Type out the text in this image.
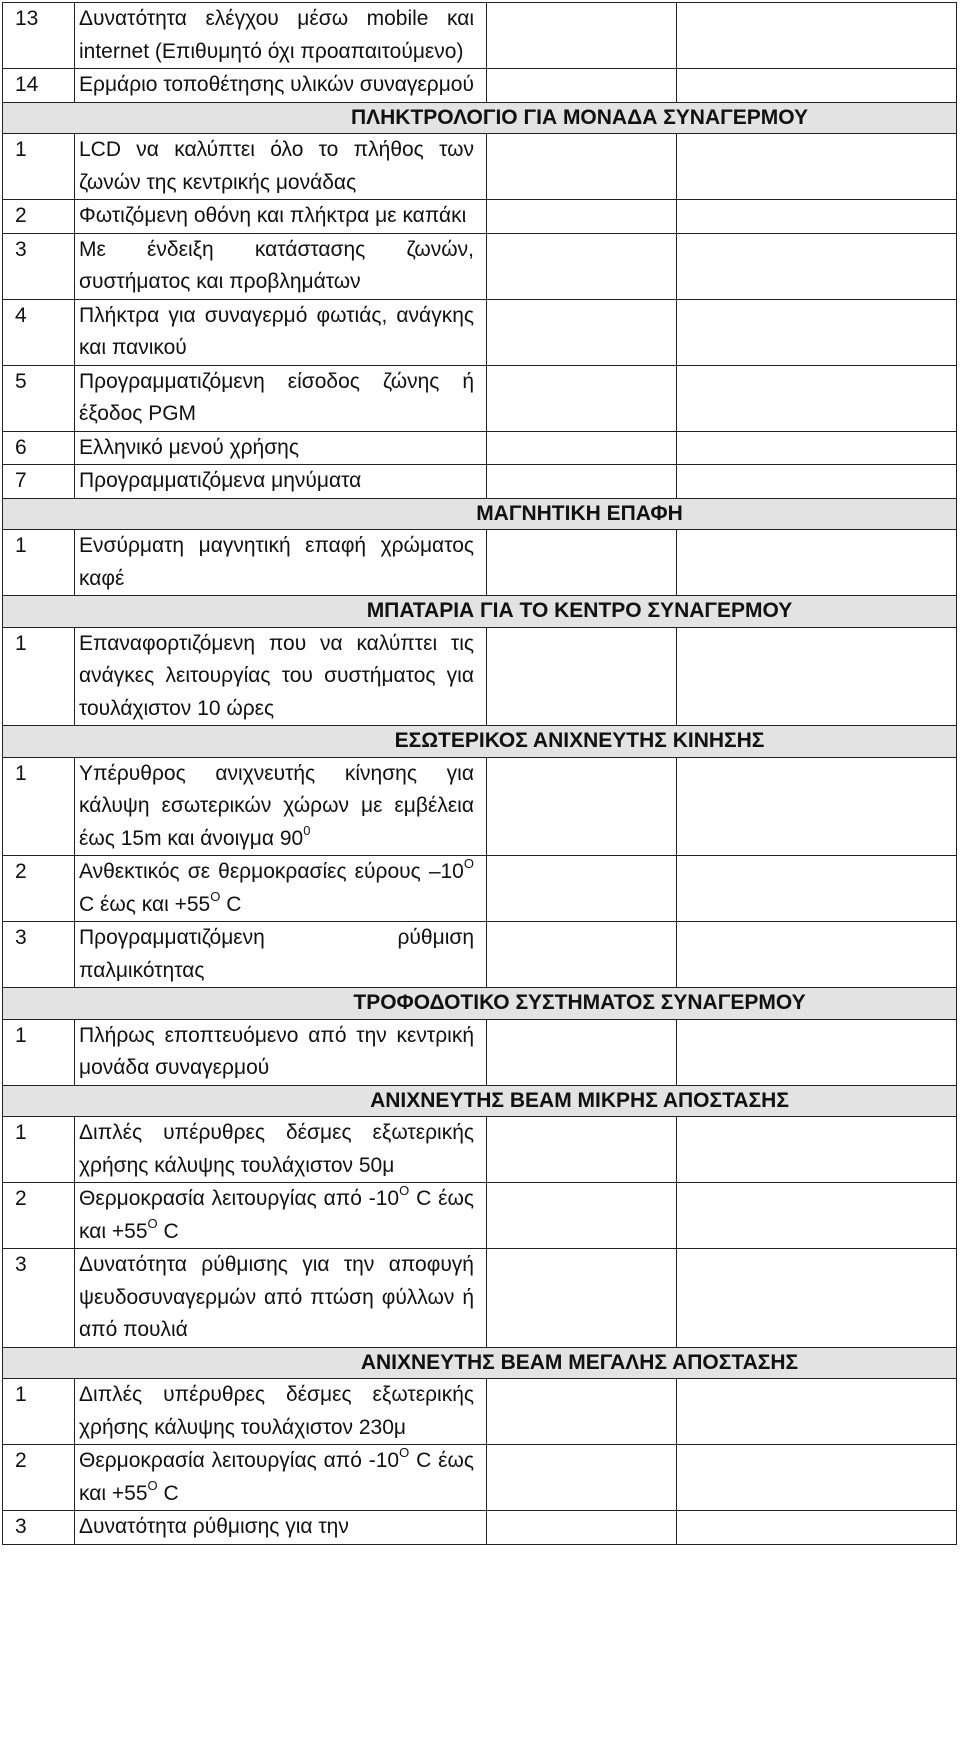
13	Δυνατότητα ελέγχου μέσω mobile και internet (Επιθυμητό όχι προαπαιτούμενο)		
14	Ερμάριο τοποθέτησης υλικών συναγερμού		
ΠΛΗΚΤΡΟΛΟΓΙΟ ΓΙΑ ΜΟΝΑΔΑ ΣΥΝΑΓΕΡΜΟΥ			
1	LCD να καλύπτει όλο το πλήθος των ζωνών της κεντρικής μονάδας		
2	Φωτιζόμενη οθόνη και πλήκτρα με καπάκι		
3	Με ένδειξη κατάστασης ζωνών, συστήματος και προβλημάτων		
4	Πλήκτρα για συναγερμό φωτιάς, ανάγκης και πανικού		
5	Προγραμματιζόμενη είσοδος ζώνης ή έξοδος PGM		
6	Ελληνικό μενού χρήσης		
7	Προγραμματιζόμενα μηνύματα		
ΜΑΓΝΗΤΙΚΗ ΕΠΑΦΗ			
1	Ενσύρματη μαγνητική επαφή χρώματος καφέ		
ΜΠΑΤΑΡΙΑ ΓΙΑ ΤΟ ΚΕΝΤΡΟ ΣΥΝΑΓΕΡΜΟΥ			
1	Επαναφορτιζόμενη που να καλύπτει τις ανάγκες λειτουργίας του συστήματος για τουλάχιστον 10 ώρες		
ΕΣΩΤΕΡΙΚΟΣ ΑΝΙΧΝΕΥΤΗΣ ΚΙΝΗΣΗΣ			
1	Υπέρυθρος ανιχνευτής κίνησης για κάλυψη εσωτερικών χώρων με εμβέλεια έως 15m και άνοιγμα $90^0$		
2	Ανθεκτικός σε θερμοκρασίες εύρους $-10^O$ C έως $\kappa\alpha\iota +55^O$ C		
3	Προγραμματιζόμενη ρύθμιση παλμικότητας		
ΤΡΟΦΟΔΟΤΙΚΟ ΣΥΣΤΗΜΑΤΟΣ ΣΥΝΑΓΕΡΜΟΥ			
1	Πλήρως εποπτευόμενο από την κεντρική μονάδα συναγερμού		
ΑΝΙΧΝΕΥΤΗΣ BEAM ΜΙΚΡΗΣ ΑΠΟΣΤΑΣΗΣ			
1	Διπλές υπέρυθρες δέσμες εξωτερικής χρήσης κάλυψης τουλάχιστον 50μ		
2	Θερμοκρασία λειτουργίας από $-10^O$ C έως $\kappa\alpha\iota +55^O$ C		
3	Δυνατότητα ρύθμισης για την αποφυγή ψευδοσυναγερμών από πτώση φύλλων ή από πουλιά		
ΑΝΙΧΝΕΥΤΗΣ BEAM ΜΕΓΑΛΗΣ ΑΠΟΣΤΑΣΗΣ			
1	Διπλές υπέρυθρες δέσμες εξωτερικής χρήσης κάλυψης τουλάχιστον 230μ		
2	Θερμοκρασία λειτουργίας από $-10^O$ C έως $\kappa\alpha\iota +55^O$ C		
3	Δυνατότητα ρύθμισης για την		
